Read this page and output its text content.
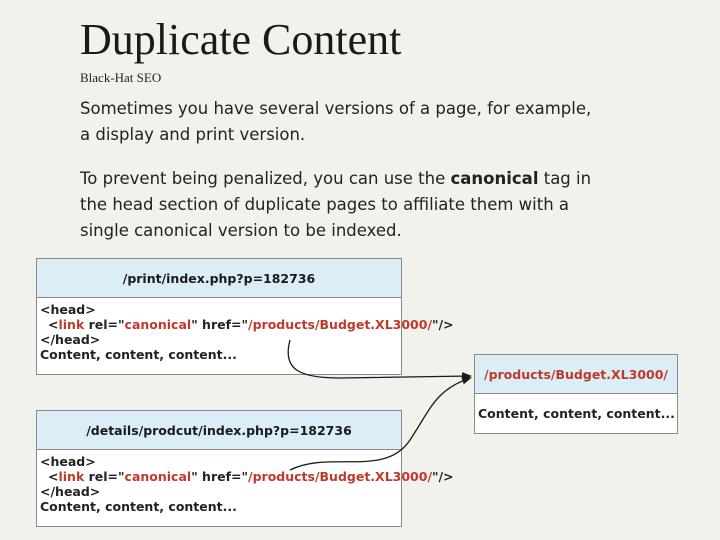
Duplicate Content
Black-Hat SEO
Sometimes you have several versions of a page, for example, a display and print version.
To prevent being penalized, you can use the canonical tag in the head section of duplicate pages to affiliate them with a single canonical version to be indexed.
/print/index.php?p=182736
<head>
<link rel="canonical" href="/products/Budget.XL3000/"/>
</head>
Content, content, content...
/details/prodcut/index.php?p=182736
<head>
<link rel="canonical" href="/products/Budget.XL3000/"/>
</head>
Content, content, content...
/products/Budget.XL3000/
Content, content, content...
